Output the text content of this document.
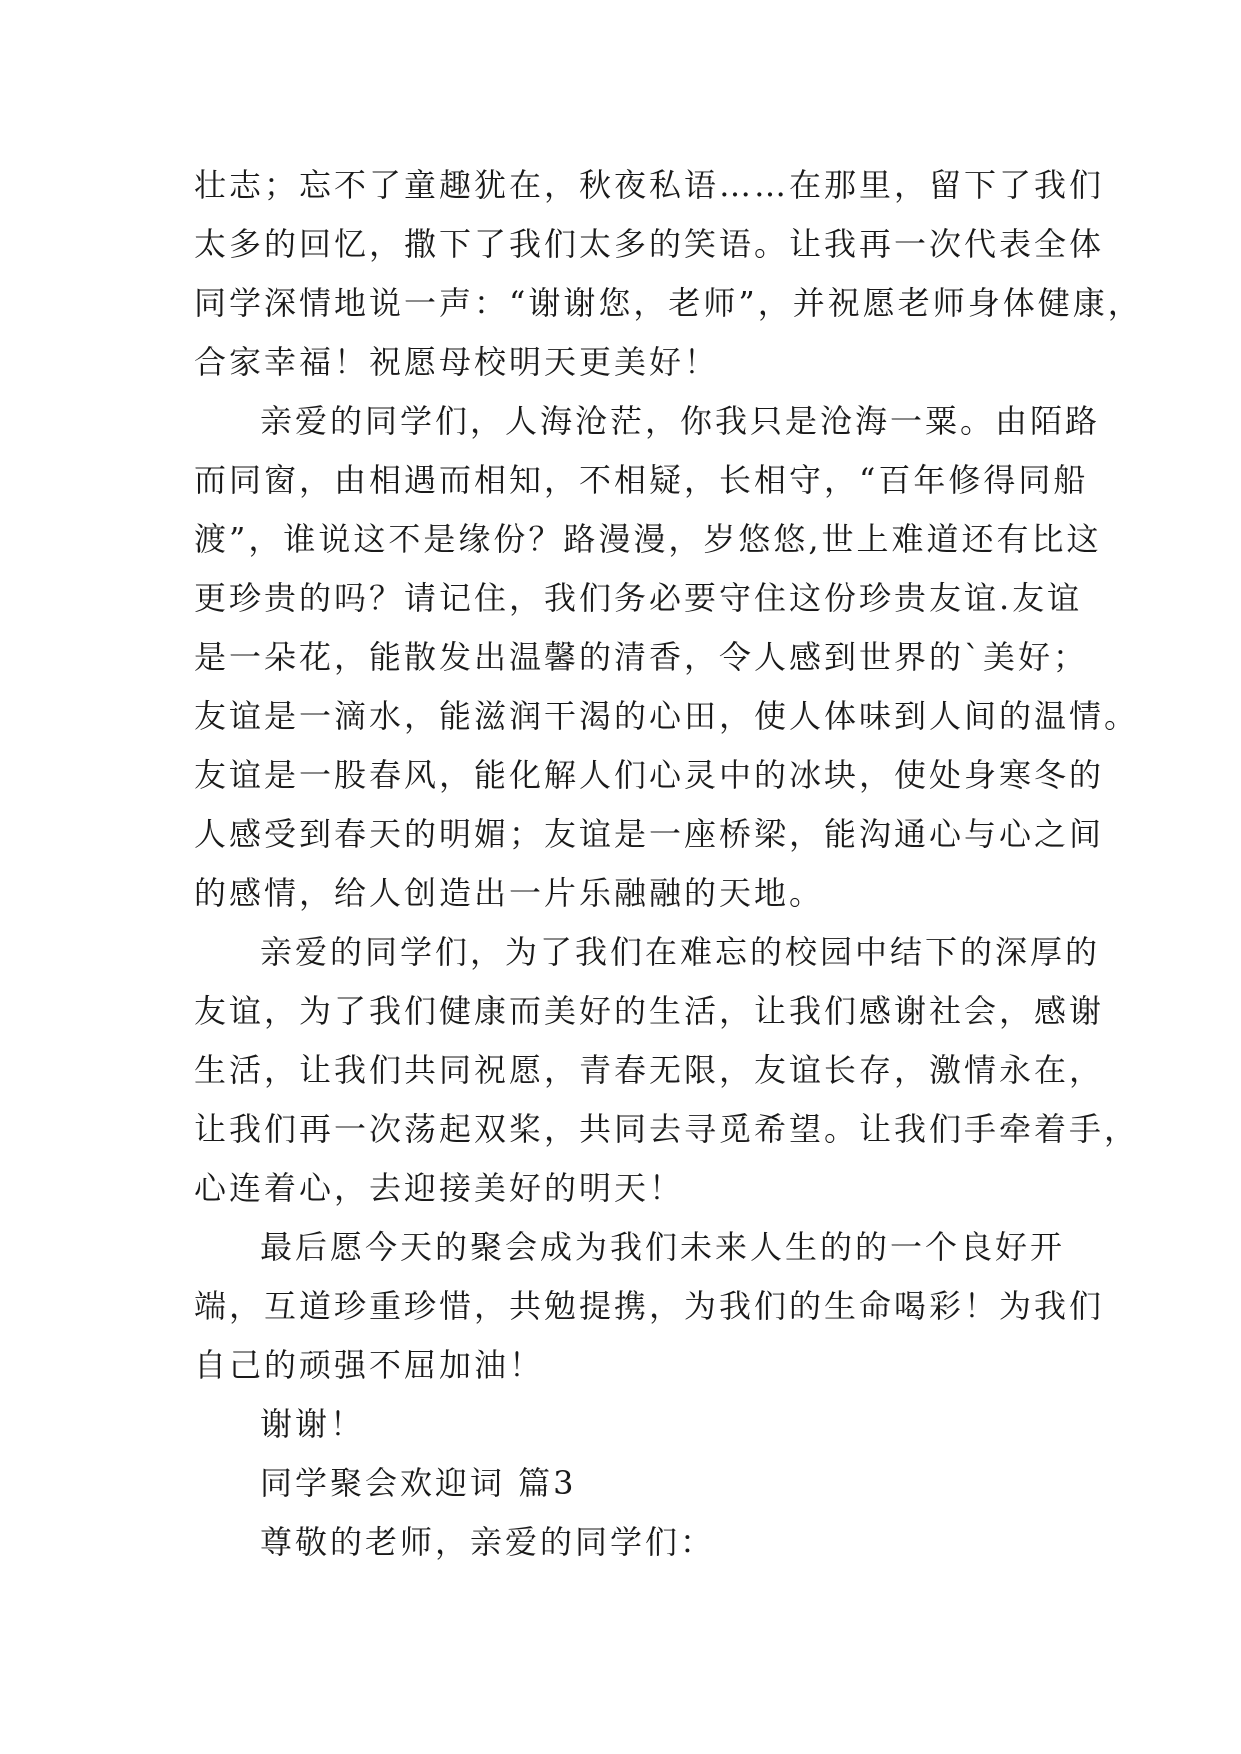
壮志；忘不了童趣犹在，秋夜私语……在那里，留下了我们
太多的回忆，撒下了我们太多的笑语。让我再一次代表全体
同学深情地说一声：“谢谢您，老师”，并祝愿老师身体健康，
合家幸福！祝愿母校明天更美好！
亲爱的同学们，人海沧茫，你我只是沧海一粟。由陌路
而同窗，由相遇而相知，不相疑，长相守，“百年修得同船
渡”，谁说这不是缘份？路漫漫，岁悠悠,世上难道还有比这
更珍贵的吗？请记住，我们务必要守住这份珍贵友谊.友谊
是一朵花，能散发出温馨的清香，令人感到世界的`美好；
友谊是一滴水，能滋润干渴的心田，使人体味到人间的温情。
友谊是一股春风，能化解人们心灵中的冰块，使处身寒冬的
人感受到春天的明媚；友谊是一座桥梁，能沟通心与心之间
的感情，给人创造出一片乐融融的天地。
亲爱的同学们，为了我们在难忘的校园中结下的深厚的
友谊，为了我们健康而美好的生活，让我们感谢社会，感谢
生活，让我们共同祝愿，青春无限，友谊长存，激情永在，
让我们再一次荡起双桨，共同去寻觅希望。让我们手牵着手，
心连着心，去迎接美好的明天！
最后愿今天的聚会成为我们未来人生的的一个良好开
端，互道珍重珍惜，共勉提携，为我们的生命喝彩！为我们
自己的顽强不屈加油！
谢谢！
同学聚会欢迎词 篇3
尊敬的老师，亲爱的同学们：
